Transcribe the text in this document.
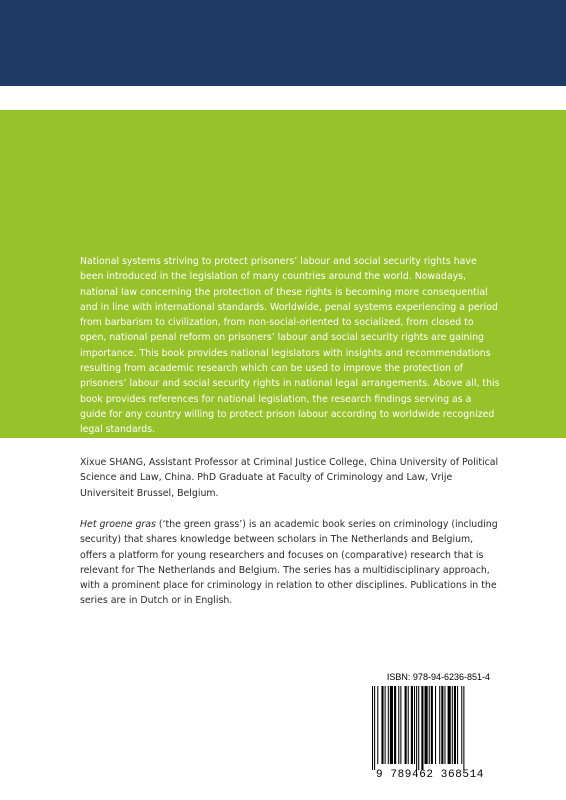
National systems striving to protect prisoners’ labour and social security rights have been introduced in the legislation of many countries around the world. Nowadays, national law concerning the protection of these rights is becoming more consequential and in line with international standards. Worldwide, penal systems experiencing a period from barbarism to civilization, from non-social-oriented to socialized, from closed to open, national penal reform on prisoners’ labour and social security rights are gaining importance. This book provides national legislators with insights and recommendations resulting from academic research which can be used to improve the protection of prisoners’ labour and social security rights in national legal arrangements. Above all, this book provides references for national legislation, the research findings serving as a guide for any country willing to protect prison labour according to worldwide recognized legal standards.

Xixue SHANG, Assistant Professor at Criminal Justice College, China University of Political Science and Law, China. PhD Graduate at Faculty of Criminology and Law, Vrije Universiteit Brussel, Belgium.

Het groene gras (‘the green grass’) is an academic book series on criminology (including security) that shares knowledge between scholars in The Netherlands and Belgium, offers a platform for young researchers and focuses on (comparative) research that is relevant for The Netherlands and Belgium. The series has a multidisciplinary approach, with a prominent place for criminology in relation to other disciplines. Publications in the series are in Dutch or in English.

ISBN: 978-94-6236-851-4
9 789462 368514
